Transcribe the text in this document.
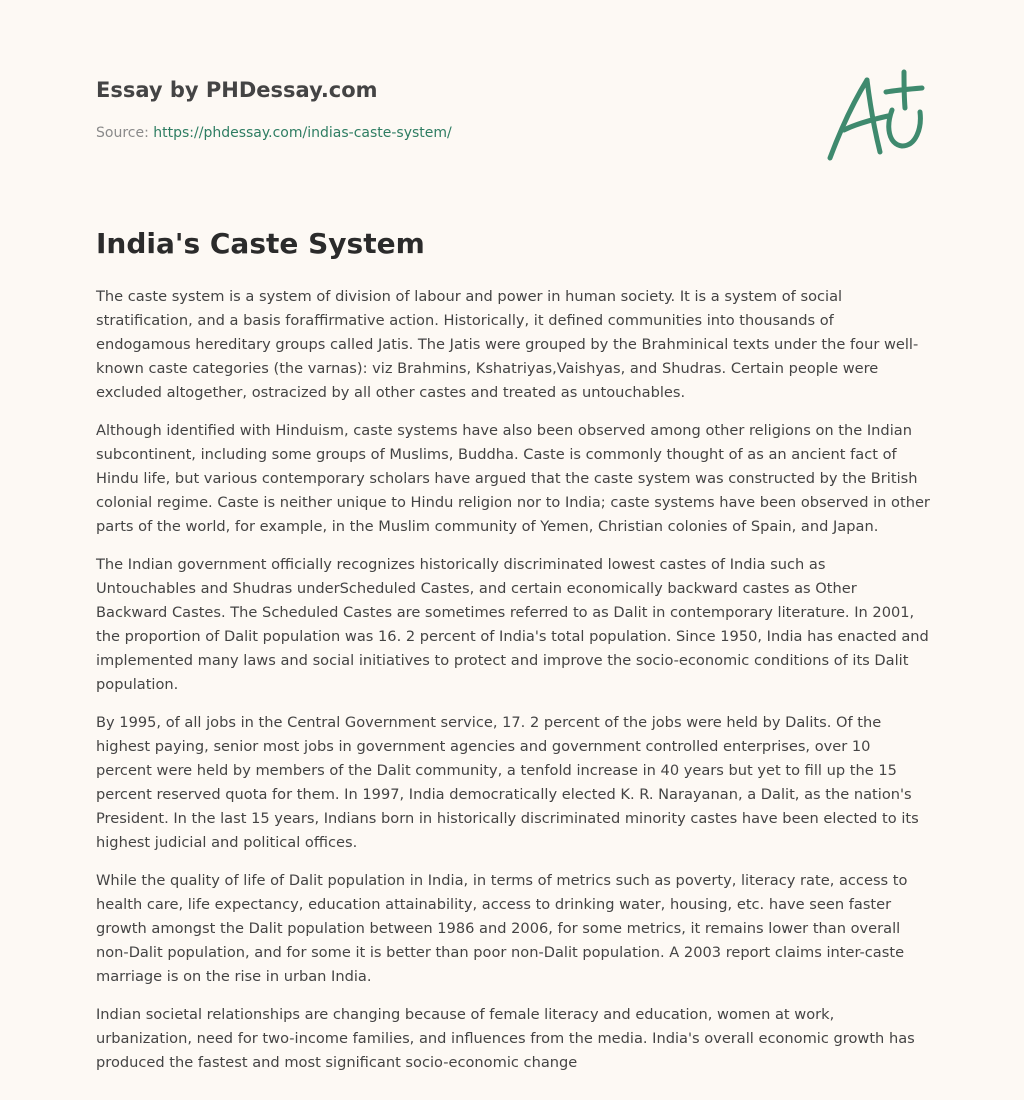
Essay by PHDessay.com

Source: https://phdessay.com/indias-caste-system/

India's Caste System

The caste system is a system of division of labour and power in human society. It is a system of social stratification, and a basis foraffirmative action. Historically, it defined communities into thousands of endogamous hereditary groups called Jatis. The Jatis were grouped by the Brahminical texts under the four well-known caste categories (the varnas): viz Brahmins, Kshatriyas,Vaishyas, and Shudras. Certain people were excluded altogether, ostracized by all other castes and treated as untouchables.

Although identified with Hinduism, caste systems have also been observed among other religions on the Indian subcontinent, including some groups of Muslims, Buddha. Caste is commonly thought of as an ancient fact of Hindu life, but various contemporary scholars have argued that the caste system was constructed by the British colonial regime. Caste is neither unique to Hindu religion nor to India; caste systems have been observed in other parts of the world, for example, in the Muslim community of Yemen, Christian colonies of Spain, and Japan.

The Indian government officially recognizes historically discriminated lowest castes of India such as Untouchables and Shudras underScheduled Castes, and certain economically backward castes as Other Backward Castes. The Scheduled Castes are sometimes referred to as Dalit in contemporary literature. In 2001, the proportion of Dalit population was 16. 2 percent of India's total population. Since 1950, India has enacted and implemented many laws and social initiatives to protect and improve the socio-economic conditions of its Dalit population.

By 1995, of all jobs in the Central Government service, 17. 2 percent of the jobs were held by Dalits. Of the highest paying, senior most jobs in government agencies and government controlled enterprises, over 10 percent were held by members of the Dalit community, a tenfold increase in 40 years but yet to fill up the 15 percent reserved quota for them. In 1997, India democratically elected K. R. Narayanan, a Dalit, as the nation's President. In the last 15 years, Indians born in historically discriminated minority castes have been elected to its highest judicial and political offices.

While the quality of life of Dalit population in India, in terms of metrics such as poverty, literacy rate, access to health care, life expectancy, education attainability, access to drinking water, housing, etc. have seen faster growth amongst the Dalit population between 1986 and 2006, for some metrics, it remains lower than overall non-Dalit population, and for some it is better than poor non-Dalit population. A 2003 report claims inter-caste marriage is on the rise in urban India.

Indian societal relationships are changing because of female literacy and education, women at work, urbanization, need for two-income families, and influences from the media. India's overall economic growth has produced the fastest and most significant socio-economic change
